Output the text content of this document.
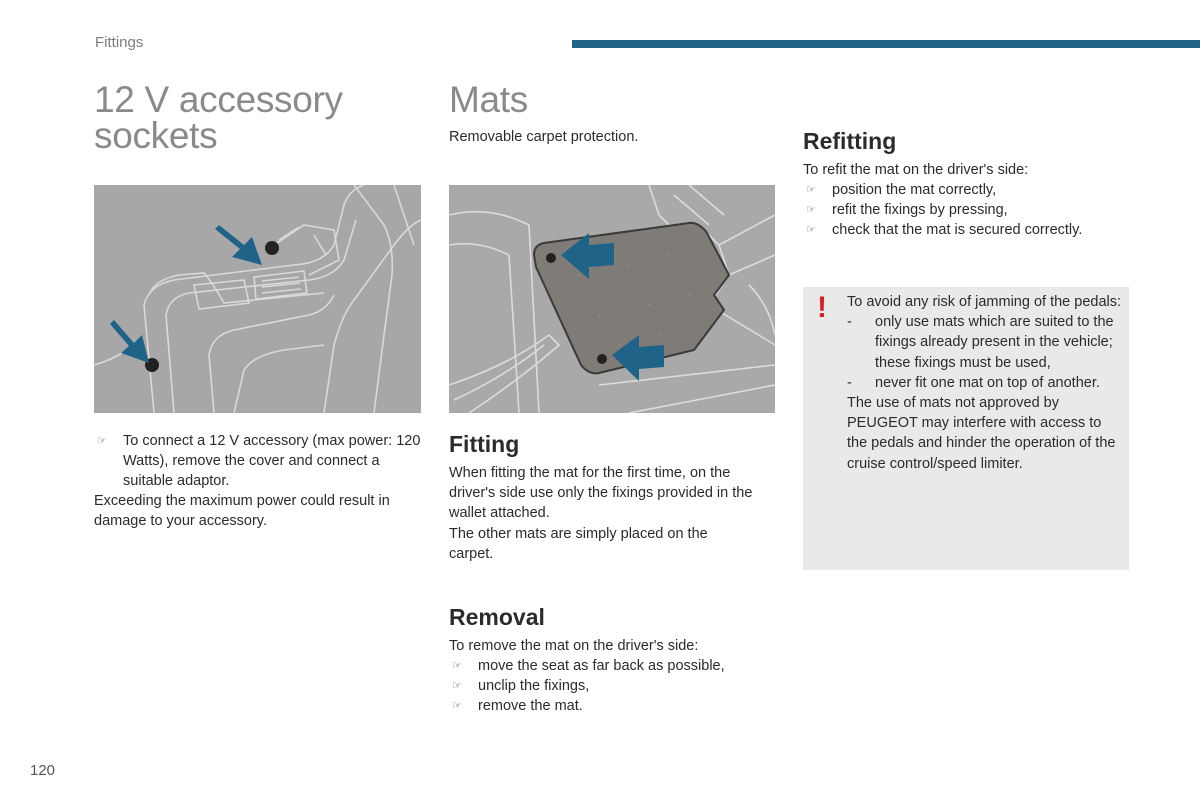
Fittings
12 V accessory
sockets
☞ To connect a 12 V accessory (max power: 120 Watts), remove the cover and connect a suitable adaptor.

Exceeding the maximum power could result in damage to your accessory.

Mats

Removable carpet protection.

Fitting

When fitting the mat for the first time, on the driver's side use only the fixings provided in the wallet attached.

The other mats are simply placed on the carpet.

Removal

To remove the mat on the driver's side:

☞ move the seat as far back as possible,
☞ unclip the fixings,
☞ remove the mat.
Refitting

To refit the mat on the driver's side:

☞ position the mat correctly,
☞ refit the fixings by pressing,
☞ check that the mat is secured correctly.
! To avoid any risk of jamming of the pedals:
- only use mats which are suited to the fixings already present in the vehicle; these fixings must be used,
- never fit one mat on top of another.
The use of mats not approved by PEUGEOT may interfere with access to the pedals and hinder the operation of the cruise control/speed limiter.
120
